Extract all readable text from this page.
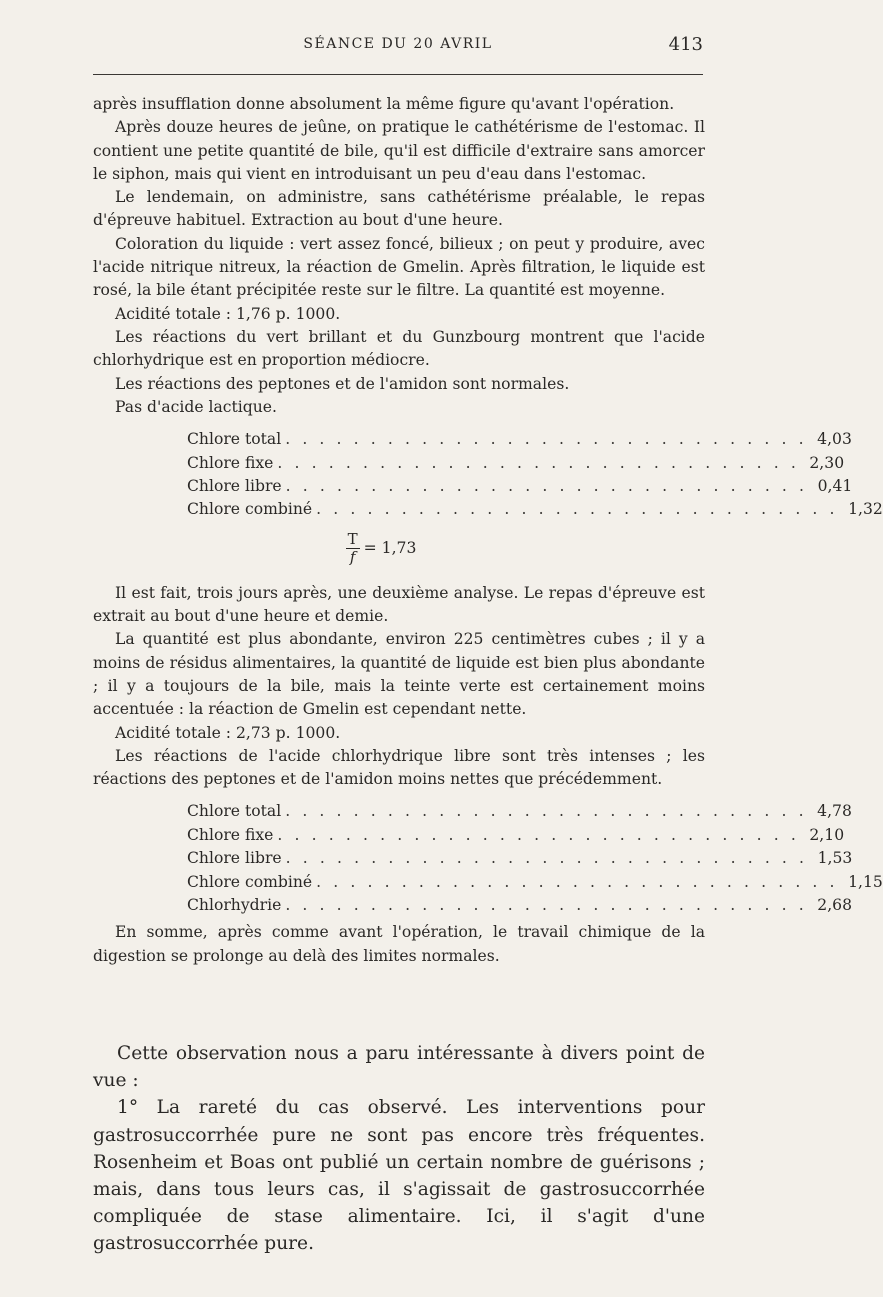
SÉANCE DU 20 AVRIL	413

après insufflation donne absolument la même figure qu'avant l'opération.

Après douze heures de jeûne, on pratique le cathétérisme de l'estomac. Il contient une petite quantité de bile, qu'il est difficile d'extraire sans amorcer le siphon, mais qui vient en introduisant un peu d'eau dans l'estomac.

Le lendemain, on administre, sans cathétérisme préalable, le repas d'épreuve habituel. Extraction au bout d'une heure.

Coloration du liquide : vert assez foncé, bilieux ; on peut y produire, avec l'acide nitrique nitreux, la réaction de Gmelin. Après filtration, le liquide est rosé, la bile étant précipitée reste sur le filtre. La quantité est moyenne.

Acidité totale : 1,76 p. 1000.

Les réactions du vert brillant et du Gunzbourg montrent que l'acide chlorhydrique est en proportion médiocre.

Les réactions des peptones et de l'amidon sont normales.

Pas d'acide lactique.

Chlore total . . . . . . . . . . . . . . . . . . . . . . . . . . . . . . . 4,03
Chlore fixe . . . . . . . . . . . . . . . . . . . . . . . . . . . . . . . 2,30
Chlore libre . . . . . . . . . . . . . . . . . . . . . . . . . . . . . . . 0,41
Chlore combiné . . . . . . . . . . . . . . . . . . . . . . . . . . . . . . . 1,32
$\frac{T}{f} = 1,73$

Il est fait, trois jours après, une deuxième analyse. Le repas d'épreuve est extrait au bout d'une heure et demie.

La quantité est plus abondante, environ 225 centimètres cubes ; il y a moins de résidus alimentaires, la quantité de liquide est bien plus abondante ; il y a toujours de la bile, mais la teinte verte est certainement moins accentuée : la réaction de Gmelin est cependant nette.

Acidité totale : 2,73 p. 1000.

Les réactions de l'acide chlorhydrique libre sont très intenses ; les réactions des peptones et de l'amidon moins nettes que précédemment.

Chlore total . . . . . . . . . . . . . . . . . . . . . . . . . . . . . . . 4,78
Chlore fixe . . . . . . . . . . . . . . . . . . . . . . . . . . . . . . . 2,10
Chlore libre . . . . . . . . . . . . . . . . . . . . . . . . . . . . . . . 1,53
Chlore combiné . . . . . . . . . . . . . . . . . . . . . . . . . . . . . . . 1,15
Chlorhydrie . . . . . . . . . . . . . . . . . . . . . . . . . . . . . . . 2,68

En somme, après comme avant l'opération, le travail chimique de la digestion se prolonge au delà des limites normales.

Cette observation nous a paru intéressante à divers point de vue :

1° La rareté du cas observé. Les interventions pour gastrosuccorrhée pure ne sont pas encore très fréquentes. Rosenheim et Boas ont publié un certain nombre de guérisons ; mais, dans tous leurs cas, il s'agissait de gastrosuccorrhée compliquée de stase alimentaire. Ici, il s'agit d'une gastrosuccorrhée pure.
